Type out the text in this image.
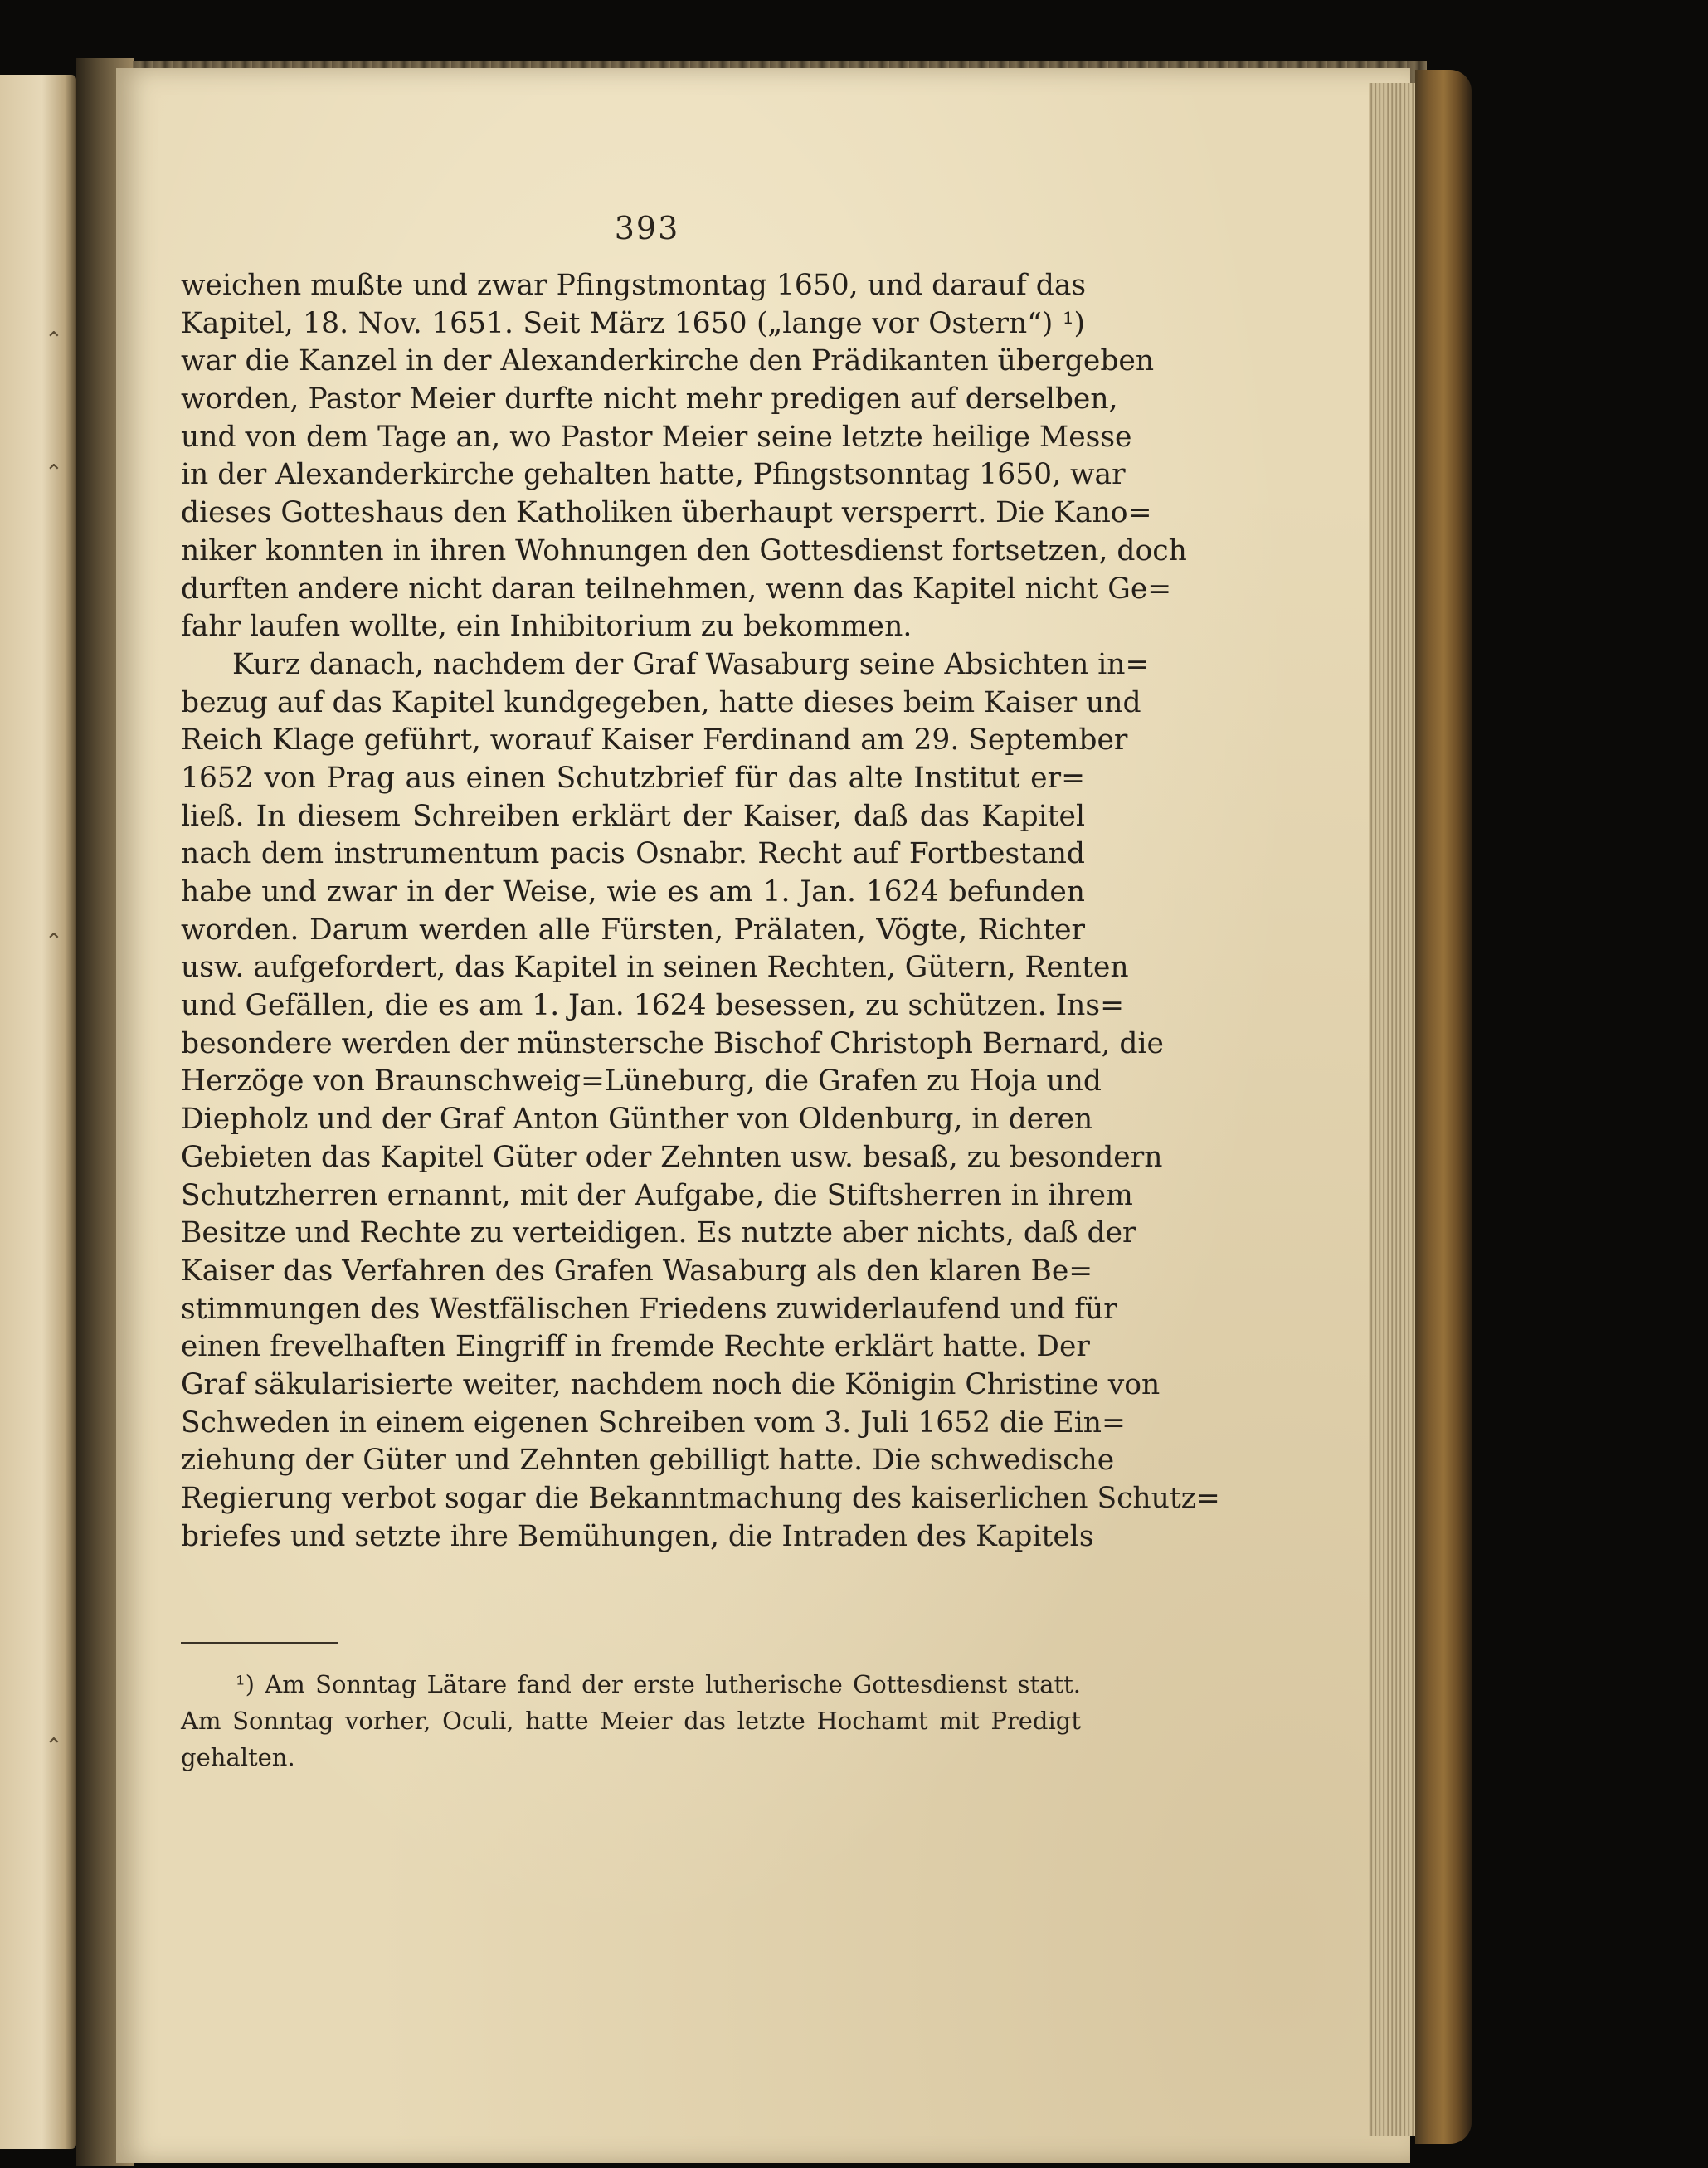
⌃
⌃
⌃
⌃
393
weichen mußte und zwar Pfingstmontag 1650, und darauf das
Kapitel, 18. Nov. 1651. Seit März 1650 („lange vor Ostern“) ¹)
war die Kanzel in der Alexanderkirche den Prädikanten übergeben
worden, Pastor Meier durfte nicht mehr predigen auf derselben,
und von dem Tage an, wo Pastor Meier seine letzte heilige Messe
in der Alexanderkirche gehalten hatte, Pfingstsonntag 1650, war
dieses Gotteshaus den Katholiken überhaupt versperrt. Die Kano=
niker konnten in ihren Wohnungen den Gottesdienst fortsetzen, doch
durften andere nicht daran teilnehmen, wenn das Kapitel nicht Ge=
fahr laufen wollte, ein Inhibitorium zu bekommen.
Kurz danach, nachdem der Graf Wasaburg seine Absichten in=
bezug auf das Kapitel kundgegeben, hatte dieses beim Kaiser und
Reich Klage geführt, worauf Kaiser Ferdinand am 29. September
1652 von Prag aus einen Schutzbrief für das alte Institut er=
ließ. In diesem Schreiben erklärt der Kaiser, daß das Kapitel
nach dem instrumentum pacis Osnabr. Recht auf Fortbestand
habe und zwar in der Weise, wie es am 1. Jan. 1624 befunden
worden. Darum werden alle Fürsten, Prälaten, Vögte, Richter
usw. aufgefordert, das Kapitel in seinen Rechten, Gütern, Renten
und Gefällen, die es am 1. Jan. 1624 besessen, zu schützen. Ins=
besondere werden der münstersche Bischof Christoph Bernard, die
Herzöge von Braunschweig=Lüneburg, die Grafen zu Hoja und
Diepholz und der Graf Anton Günther von Oldenburg, in deren
Gebieten das Kapitel Güter oder Zehnten usw. besaß, zu besondern
Schutzherren ernannt, mit der Aufgabe, die Stiftsherren in ihrem
Besitze und Rechte zu verteidigen. Es nutzte aber nichts, daß der
Kaiser das Verfahren des Grafen Wasaburg als den klaren Be=
stimmungen des Westfälischen Friedens zuwiderlaufend und für
einen frevelhaften Eingriff in fremde Rechte erklärt hatte. Der
Graf säkularisierte weiter, nachdem noch die Königin Christine von
Schweden in einem eigenen Schreiben vom 3. Juli 1652 die Ein=
ziehung der Güter und Zehnten gebilligt hatte. Die schwedische
Regierung verbot sogar die Bekanntmachung des kaiserlichen Schutz=
briefes und setzte ihre Bemühungen, die Intraden des Kapitels
¹) Am Sonntag Lätare fand der erste lutherische Gottesdienst statt.
Am Sonntag vorher, Oculi, hatte Meier das letzte Hochamt mit Predigt
gehalten.
